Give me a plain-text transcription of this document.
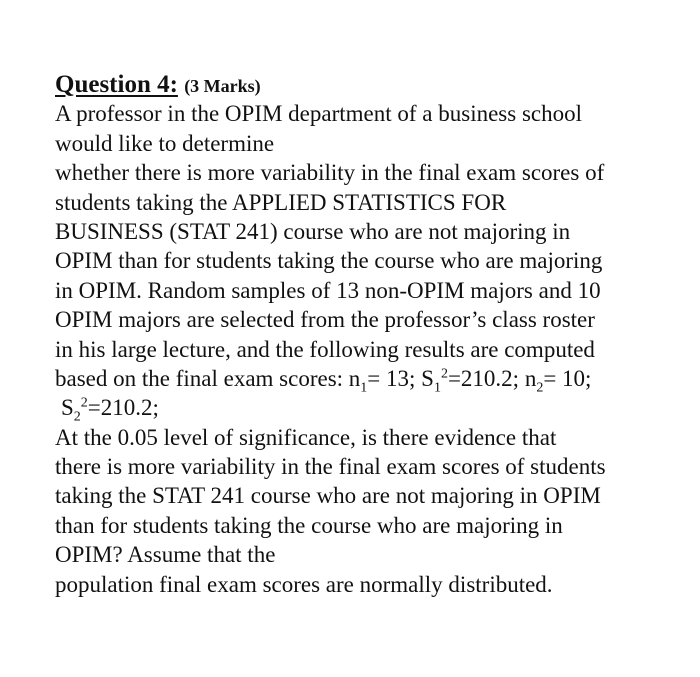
Question 4: (3 Marks)
A professor in the OPIM department of a business school
would like to determine
whether there is more variability in the final exam scores of
students taking the APPLIED STATISTICS FOR
BUSINESS (STAT 241) course who are not majoring in
OPIM than for students taking the course who are majoring
in OPIM. Random samples of 13 non-OPIM majors and 10
OPIM majors are selected from the professor’s class roster
in his large lecture, and the following results are computed
based on the final exam scores: $n_1= 13$; $S_1^2=210.2$; $n_2= 10$;
$S_2^2=210.2$;
At the 0.05 level of significance, is there evidence that
there is more variability in the final exam scores of students
taking the STAT 241 course who are not majoring in OPIM
than for students taking the course who are majoring in
OPIM? Assume that the
population final exam scores are normally distributed.
